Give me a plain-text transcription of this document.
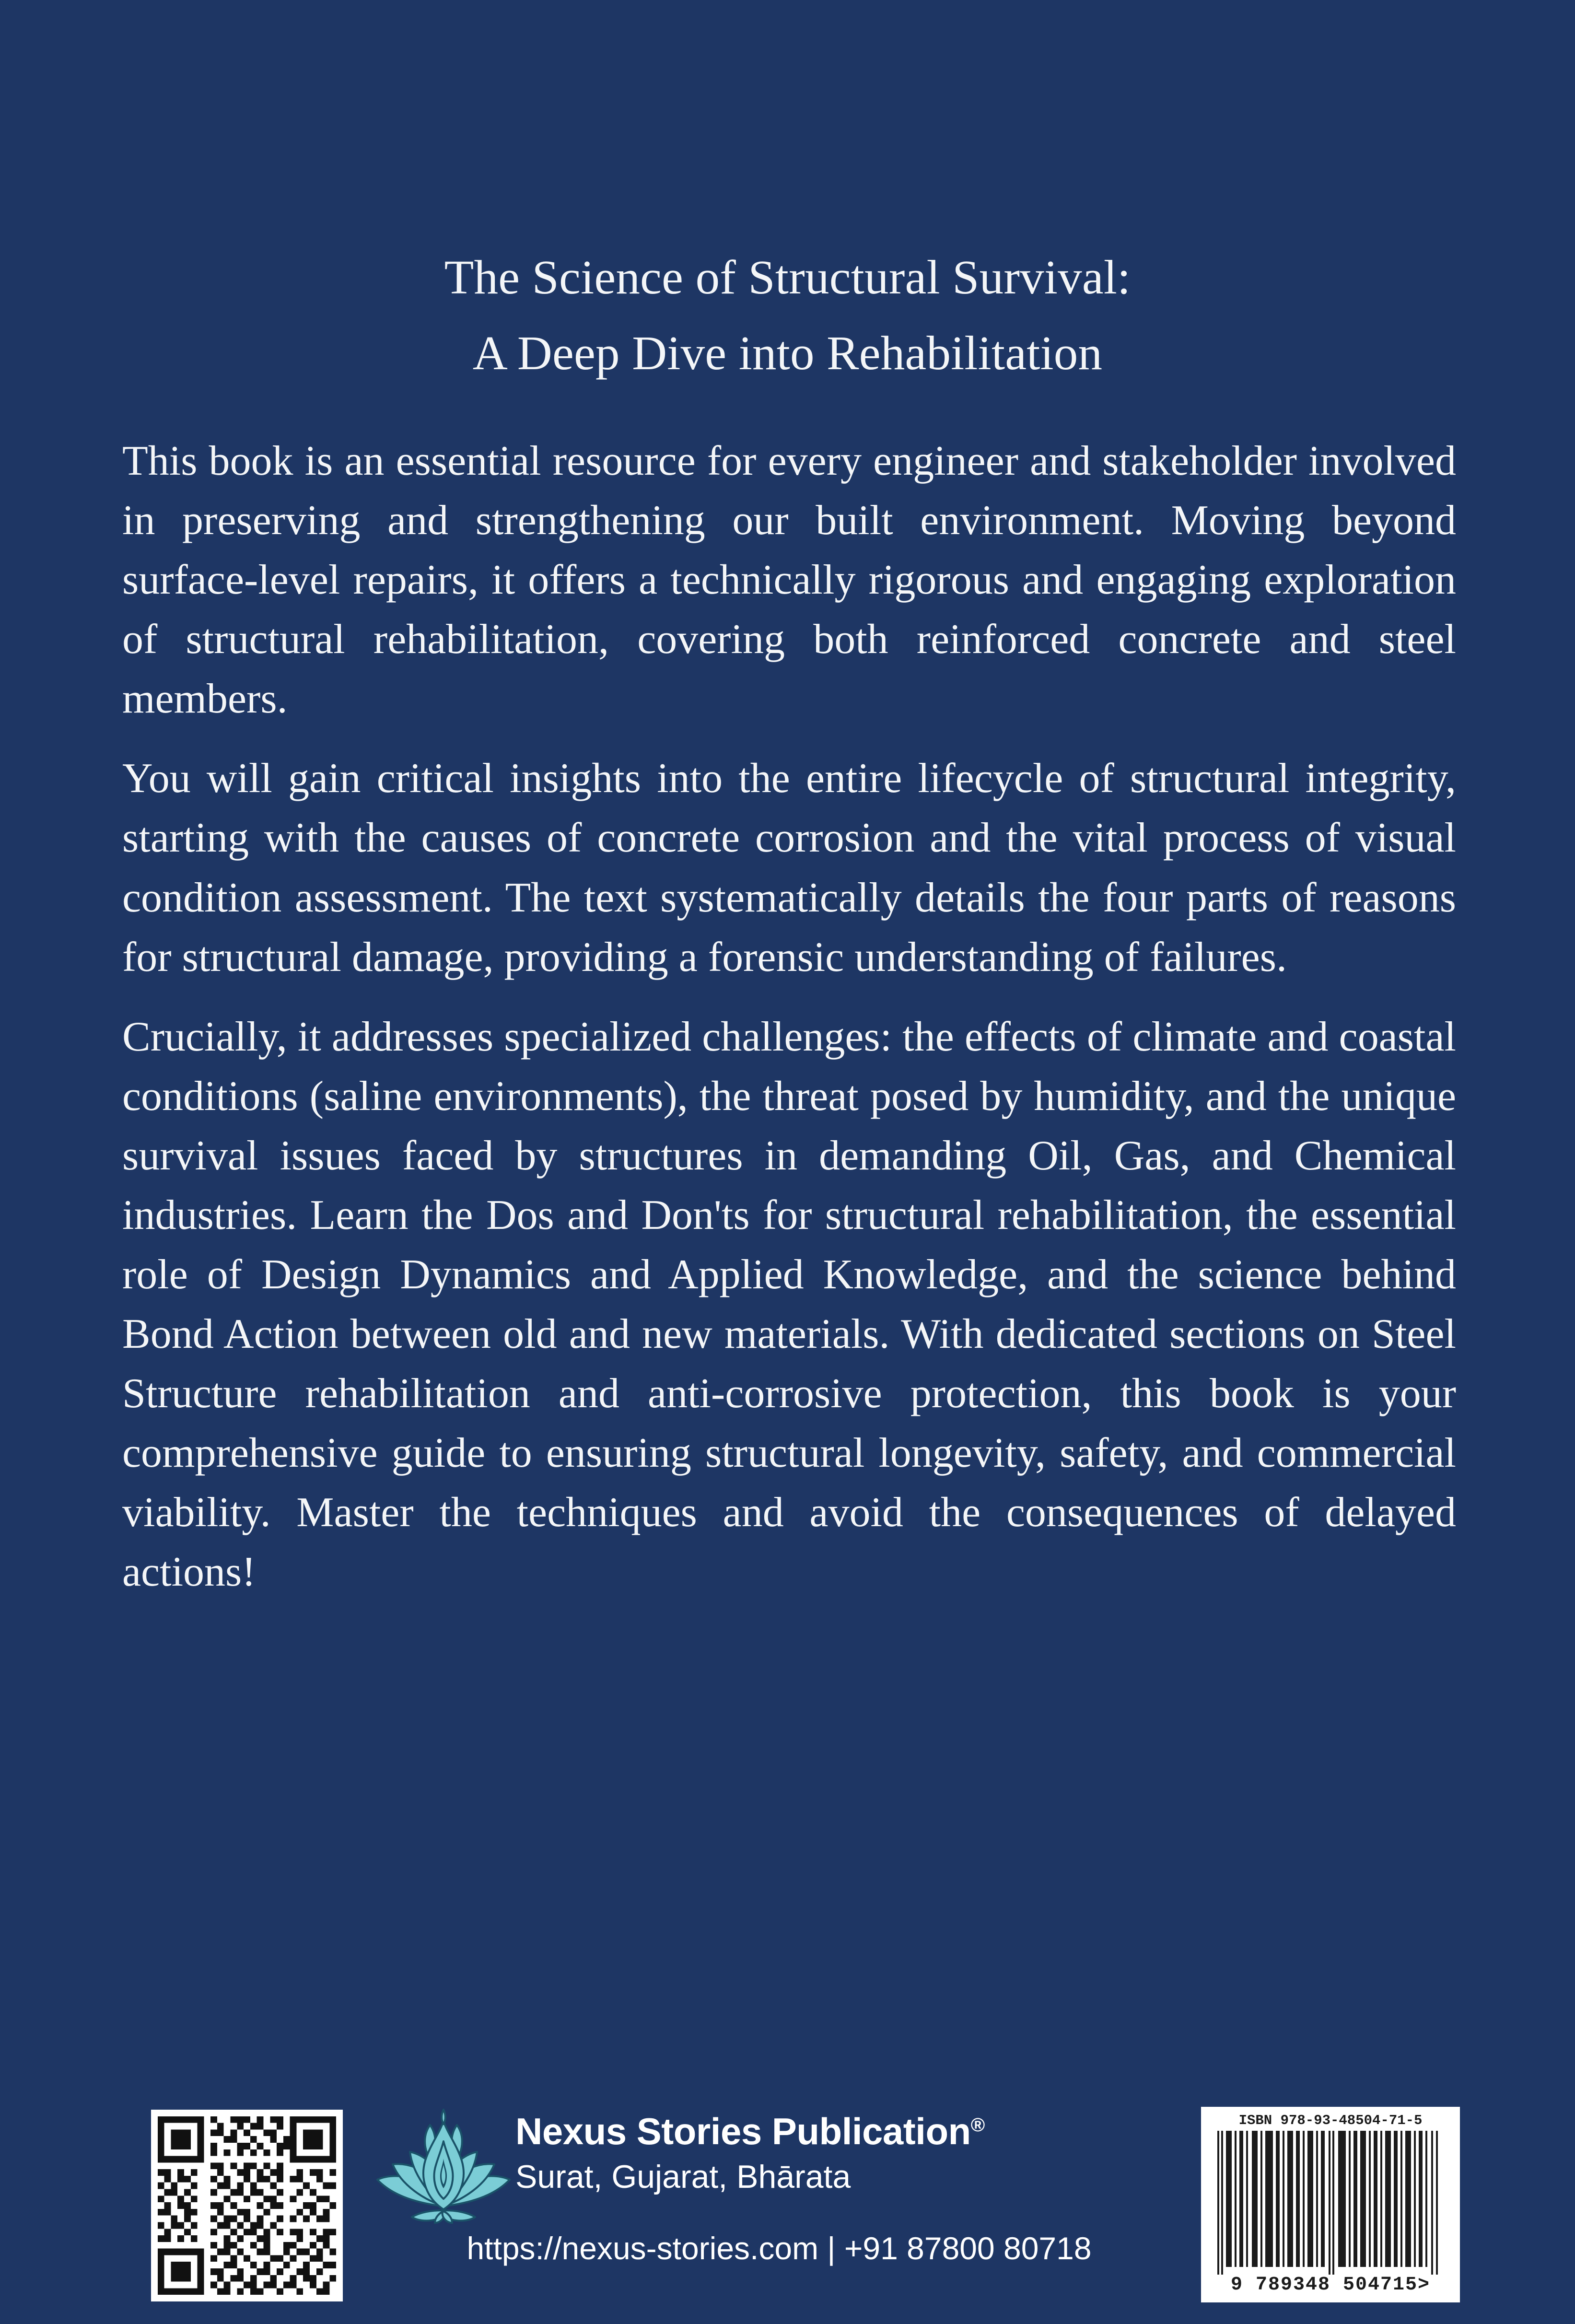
The Science of Structural Survival:
A Deep Dive into Rehabilitation

This book is an essential resource for every engineer and stakeholder involved in preserving and strengthening our built environment. Moving beyond surface-level repairs, it offers a technically rigorous and engaging exploration of structural rehabilitation, covering both reinforced concrete and steel members.

You will gain critical insights into the entire lifecycle of structural integrity, starting with the causes of concrete corrosion and the vital process of visual condition assessment. The text systematically details the four parts of reasons for structural damage, providing a forensic understanding of failures.

Crucially, it addresses specialized challenges: the effects of climate and coastal conditions (saline environments), the threat posed by humidity, and the unique survival issues faced by structures in demanding Oil, Gas, and Chemical industries. Learn the Dos and Don'ts for structural rehabilitation, the essential role of Design Dynamics and Applied Knowledge, and the science behind Bond Action between old and new materials. With dedicated sections on Steel Structure rehabilitation and anti-corrosive protection, this book is your comprehensive guide to ensuring structural longevity, safety, and commercial viability. Master the techniques and avoid the consequences of delayed actions!

Nexus Stories Publication®
Surat, Gujarat, Bhārata
https://nexus-stories.com | +91 87800 80718
ISBN 978-93-48504-71-5
9 789348 504715>
